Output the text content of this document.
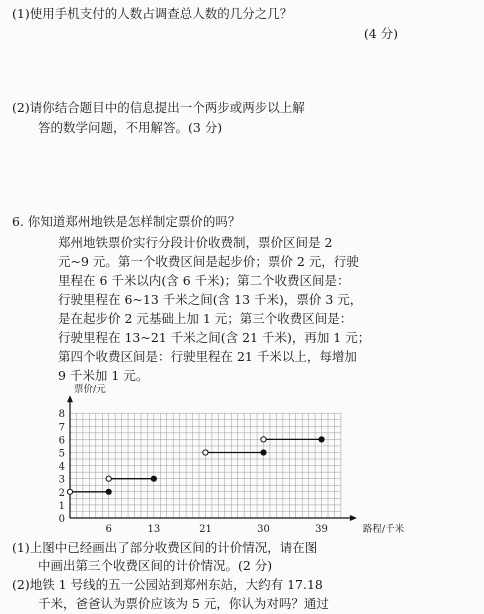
(1)使用手机支付的人数占调查总人数的几分之几？

(4 分)

(2)请你结合题目中的信息提出一个两步或两步以上解

答的数学问题，不用解答。(3 分)

6. 你知道郑州地铁是怎样制定票价的吗？

郑州地铁票价实行分段计价收费制，票价区间是 2

元~9 元。第一个收费区间是起步价；票价 2 元，行驶

里程在 6 千米以内(含 6 千米)；第二个收费区间是：

行驶里程在 6~13 千米之间(含 13 千米)，票价 3 元，

是在起步价 2 元基础上加 1 元；第三个收费区间是：

行驶里程在 13~21 千米之间(含 21 千米)，再加 1 元；

第四个收费区间是：行驶里程在 21 千米以上，每增加

9 千米加 1 元。

0
1
2
3
4
5
6
7
8
6	13	21	30	39
票价/元
路程/千米

(1)上图中已经画出了部分收费区间的计价情况，请在图

中画出第三个收费区间的计价情况。(2 分)

(2)地铁 1 号线的五一公园站到郑州东站，大约有 17.18

千米，爸爸认为票价应该为 5 元，你认为对吗？通过
